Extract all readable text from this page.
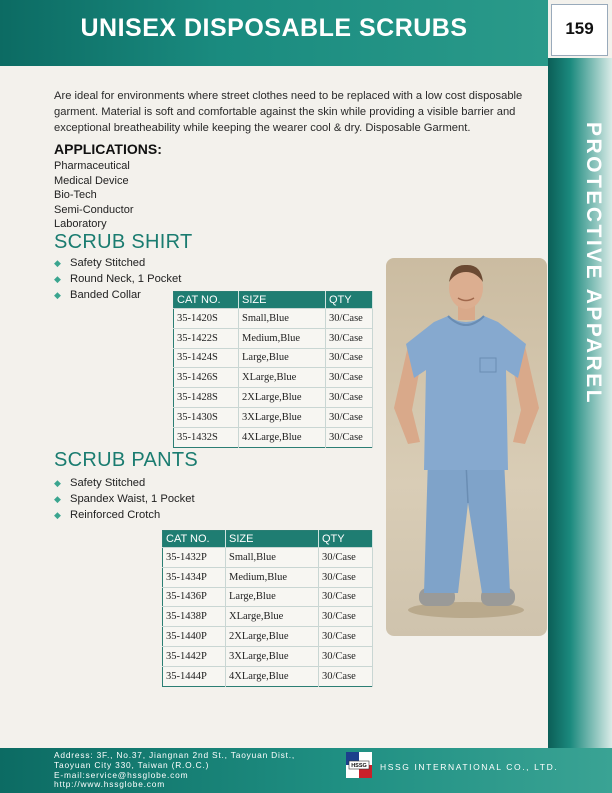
UNISEX DISPOSABLE SCRUBS	159
PROTECTIVE APPAREL
Are ideal for environments where street clothes need to be replaced with a low cost disposable garment. Material is soft and comfortable against the skin while providing a visible barrier and exceptional breatheability while keeping the wearer cool & dry. Disposable Garment.
APPLICATIONS:
Pharmaceutical
Medical Device
Bio-Tech
Semi-Conductor
Laboratory
SCRUB SHIRT
◆ Safety Stitched
◆ Round Neck, 1 Pocket
◆ Banded Collar	CAT NO.	SIZE	QTY
35-1420S	Small,Blue	30/Case
35-1422S	Medium,Blue	30/Case
35-1424S	Large,Blue	30/Case
35-1426S	XLarge,Blue	30/Case
35-1428S	2XLarge,Blue	30/Case
35-1430S	3XLarge,Blue	30/Case
35-1432S	4XLarge,Blue	30/Case
SCRUB PANTS
◆ Safety Stitched
◆ Spandex Waist, 1 Pocket
◆ Reinforced Crotch
CAT NO.	SIZE	QTY
35-1432P	Small,Blue	30/Case
35-1434P	Medium,Blue	30/Case
35-1436P	Large,Blue	30/Case
35-1438P	XLarge,Blue	30/Case
35-1440P	2XLarge,Blue	30/Case
35-1442P	3XLarge,Blue	30/Case
35-1444P	4XLarge,Blue	30/Case
Address: 3F., No.37, Jiangnan 2nd St., Taoyuan Dist.,
Taoyuan City 330, Taiwan (R.O.C.)
E-mail:service@hssglobe.com
http://www.hssglobe.com
HSSG HSSG INTERNATIONAL CO., LTD.
